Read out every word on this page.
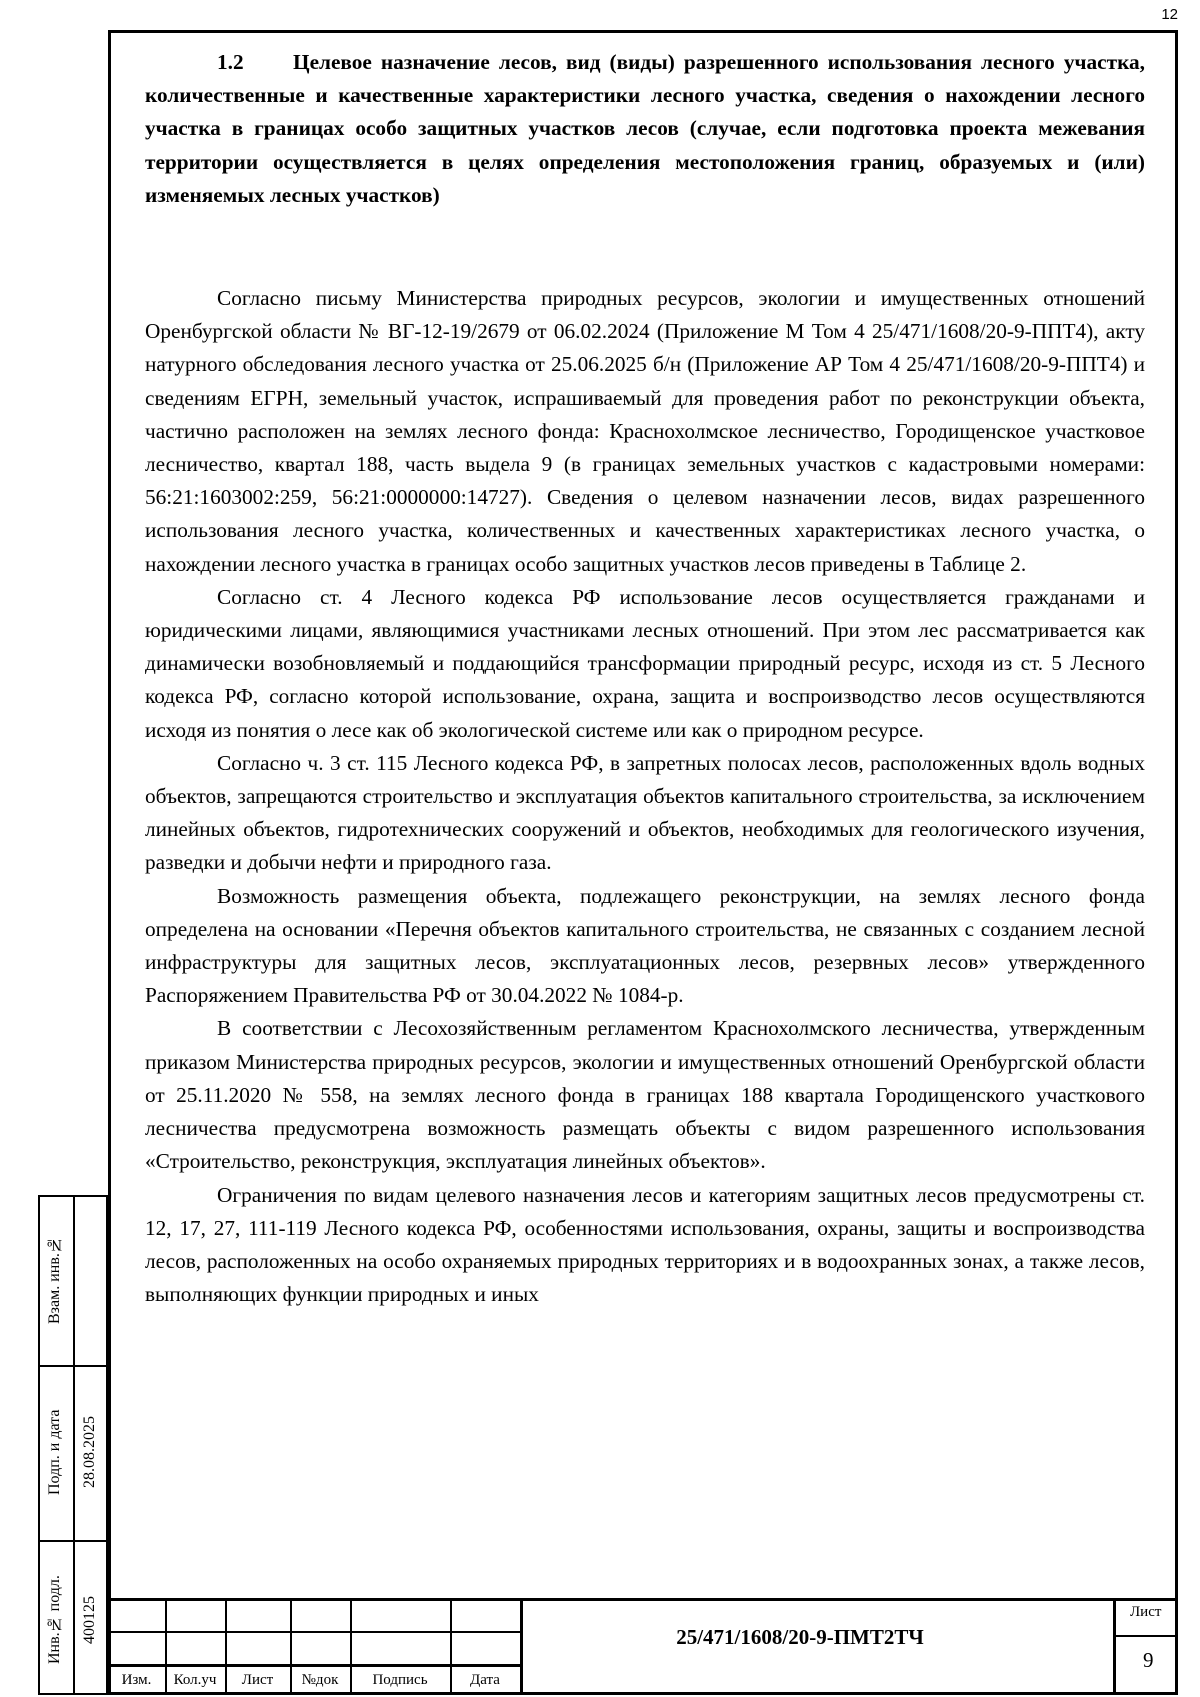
12

1.2 Целевое назначение лесов, вид (виды) разрешенного использования лесного участка, количественные и качественные характеристики лесного участка, сведения о нахождении лесного участка в границах особо защитных участков лесов (случае, если подготовка проекта межевания территории осуществляется в целях определения местоположения границ, образуемых и (или) изменяемых лесных участков)

Согласно письму Министерства природных ресурсов, экологии и имущественных отношений Оренбургской области № ВГ-12-19/2679 от 06.02.2024 (Приложение М Том 4 25/471/1608/20-9-ППТ4), акту натурного обследования лесного участка от 25.06.2025 б/н (Приложение АР Том 4 25/471/1608/20-9-ППТ4) и сведениям ЕГРН, земельный участок, испрашиваемый для проведения работ по реконструкции объекта, частично расположен на землях лесного фонда: Краснохолмское лесничество, Городищенское участковое лесничество, квартал 188, часть выдела 9 (в границах земельных участков с кадастровыми номерами: 56:21:1603002:259, 56:21:0000000:14727). Сведения о целевом назначении лесов, видах разрешенного использования лесного участка, количественных и качественных характеристиках лесного участка, о нахождении лесного участка в границах особо защитных участков лесов приведены в Таблице 2.

Согласно ст. 4 Лесного кодекса РФ использование лесов осуществляется гражданами и юридическими лицами, являющимися участниками лесных отношений. При этом лес рассматривается как динамически возобновляемый и поддающийся трансформации природный ресурс, исходя из ст. 5 Лесного кодекса РФ, согласно которой использование, охрана, защита и воспроизводство лесов осуществляются исходя из понятия о лесе как об экологической системе или как о природном ресурсе.

Согласно ч. 3 ст. 115 Лесного кодекса РФ, в запретных полосах лесов, расположенных вдоль водных объектов, запрещаются строительство и эксплуатация объектов капитального строительства, за исключением линейных объектов, гидротехнических сооружений и объектов, необходимых для геологического изучения, разведки и добычи нефти и природного газа.

Возможность размещения объекта, подлежащего реконструкции, на землях лесного фонда определена на основании «Перечня объектов капитального строительства, не связанных с созданием лесной инфраструктуры для защитных лесов, эксплуатационных лесов, резервных лесов» утвержденного Распоряжением Правительства РФ от 30.04.2022 № 1084-р.

В соответствии с Лесохозяйственным регламентом Краснохолмского лесничества, утвержденным приказом Министерства природных ресурсов, экологии и имущественных отношений Оренбургской области от 25.11.2020 № 558, на землях лесного фонда в границах 188 квартала Городищенского участкового лесничества предусмотрена возможность размещать объекты с видом разрешенного использования «Строительство, реконструкция, эксплуатация линейных объектов».

Ограничения по видам целевого назначения лесов и категориям защитных лесов предусмотрены ст. 12, 17, 27, 111-119 Лесного кодекса РФ, особенностями использования, охраны, защиты и воспроизводства лесов, расположенных на особо охраняемых природных территориях и в водоохранных зонах, а также лесов, выполняющих функции природных и иных

Взам. инв.№
Подп. и дата 28.08.2025
Инв.№ подл. 400125
Изм.	Кол.уч	Лист	№док	Подпись	Дата
25/471/1608/20-9-ПМТ2ТЧ
Лист
9
